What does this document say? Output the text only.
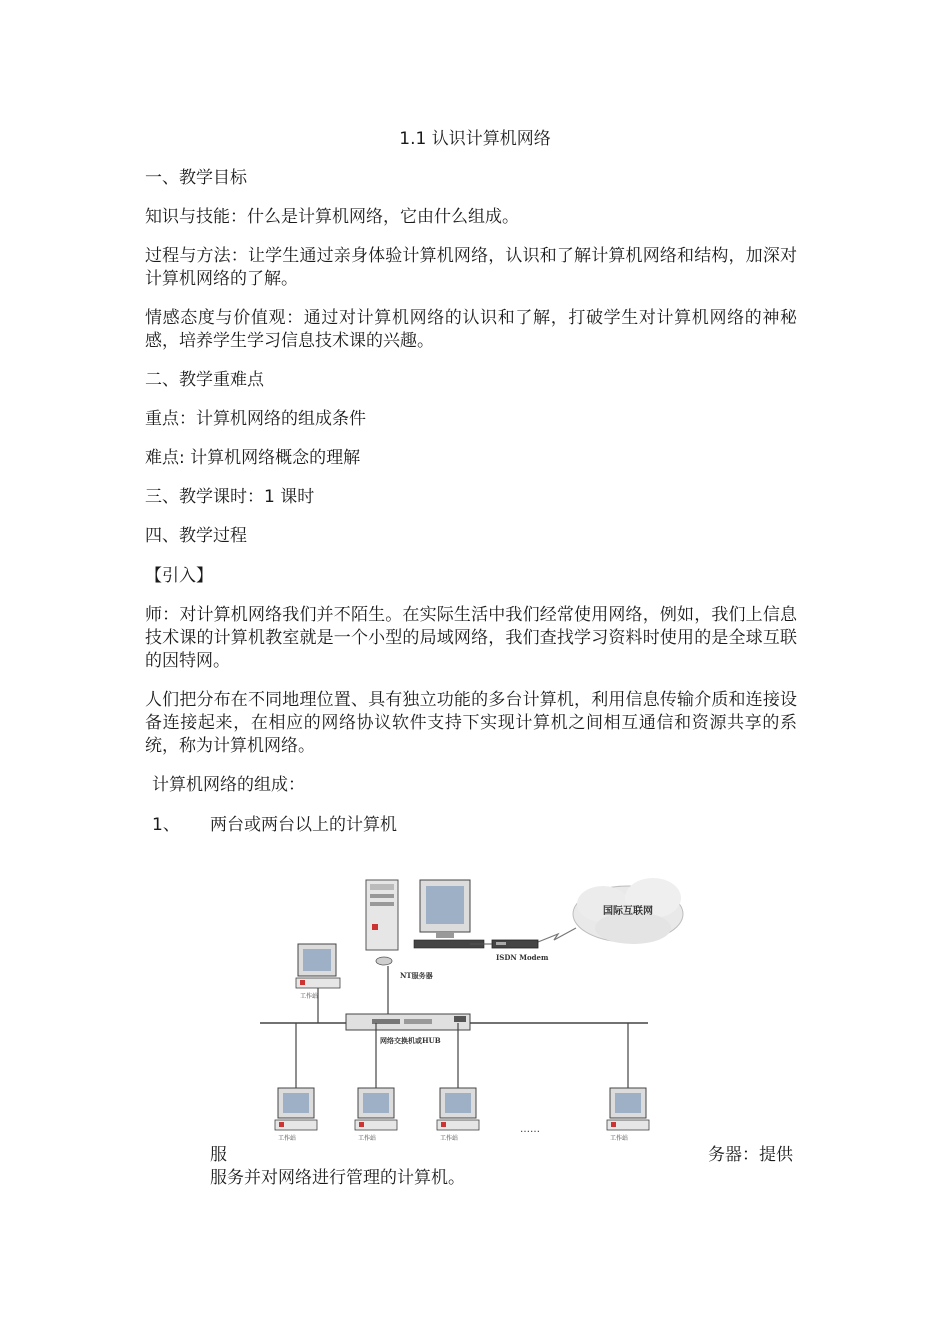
1.1 认识计算机网络
一、教学目标
知识与技能：什么是计算机网络，它由什么组成。
过程与方法：让学生通过亲身体验计算机网络，认识和了解计算机网络和结构，加深对计算机网络的了解。
情感态度与价值观：通过对计算机网络的认识和了解，打破学生对计算机网络的神秘感，培养学生学习信息技术课的兴趣。
二、教学重难点
重点：计算机网络的组成条件
难点: 计算机网络概念的理解
三、教学课时：1 课时
四、教学过程
【引入】
师：对计算机网络我们并不陌生。在实际生活中我们经常使用网络，例如，我们上信息技术课的计算机教室就是一个小型的局域网络，我们查找学习资料时使用的是全球互联的因特网。
人们把分布在不同地理位置、具有独立功能的多台计算机，利用信息传输介质和连接设备连接起来，在相应的网络协议软件支持下实现计算机之间相互通信和资源共享的系统，称为计算机网络。
计算机网络的组成：
1、 两台或两台以上的计算机
国际互联网
ISDN Modem
NT服务器
工作站
网络交换机或HUB
工作站	工作站	工作站
……
工作站
服	务器：提供
服务并对网络进行管理的计算机。
